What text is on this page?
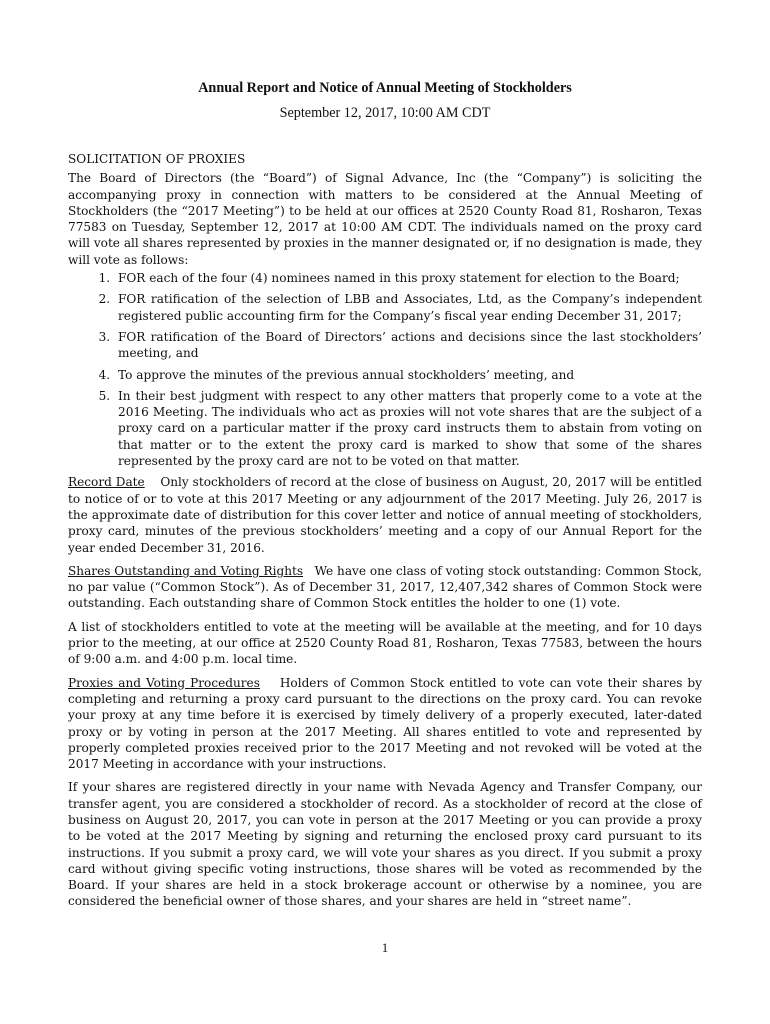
Annual Report and Notice of Annual Meeting of Stockholders
September 12, 2017, 10:00 AM CDT
SOLICITATION OF PROXIES

The Board of Directors (the “Board”) of Signal Advance, Inc (the “Company”) is soliciting the accompanying proxy in connection with matters to be considered at the Annual Meeting of Stockholders (the “2017 Meeting”) to be held at our offices at 2520 County Road 81, Rosharon, Texas 77583 on Tuesday, September 12, 2017 at 10:00 AM CDT. The individuals named on the proxy card will vote all shares represented by proxies in the manner designated or, if no designation is made, they will vote as follows:

1. FOR each of the four (4) nominees named in this proxy statement for election to the Board;
2. FOR ratification of the selection of LBB and Associates, Ltd, as the Company’s independent registered public accounting firm for the Company’s fiscal year ending December 31, 2017;
3. FOR ratification of the Board of Directors’ actions and decisions since the last stockholders’ meeting, and
4. To approve the minutes of the previous annual stockholders’ meeting, and
5. In their best judgment with respect to any other matters that properly come to a vote at the 2016 Meeting. The individuals who act as proxies will not vote shares that are the subject of a proxy card on a particular matter if the proxy card instructs them to abstain from voting on that matter or to the extent the proxy card is marked to show that some of the shares represented by the proxy card are not to be voted on that matter.

Record Date Only stockholders of record at the close of business on August, 20, 2017 will be entitled to notice of or to vote at this 2017 Meeting or any adjournment of the 2017 Meeting. July 26, 2017 is the approximate date of distribution for this cover letter and notice of annual meeting of stockholders, proxy card, minutes of the previous stockholders’ meeting and a copy of our Annual Report for the year ended December 31, 2016.

Shares Outstanding and Voting Rights We have one class of voting stock outstanding: Common Stock, no par value (“Common Stock”). As of December 31, 2017, 12,407,342 shares of Common Stock were outstanding. Each outstanding share of Common Stock entitles the holder to one (1) vote.

A list of stockholders entitled to vote at the meeting will be available at the meeting, and for 10 days prior to the meeting, at our office at 2520 County Road 81, Rosharon, Texas 77583, between the hours of 9:00 a.m. and 4:00 p.m. local time.

Proxies and Voting Procedures Holders of Common Stock entitled to vote can vote their shares by completing and returning a proxy card pursuant to the directions on the proxy card. You can revoke your proxy at any time before it is exercised by timely delivery of a properly executed, later-dated proxy or by voting in person at the 2017 Meeting. All shares entitled to vote and represented by properly completed proxies received prior to the 2017 Meeting and not revoked will be voted at the 2017 Meeting in accordance with your instructions.

If your shares are registered directly in your name with Nevada Agency and Transfer Company, our transfer agent, you are considered a stockholder of record. As a stockholder of record at the close of business on August 20, 2017, you can vote in person at the 2017 Meeting or you can provide a proxy to be voted at the 2017 Meeting by signing and returning the enclosed proxy card pursuant to its instructions. If you submit a proxy card, we will vote your shares as you direct. If you submit a proxy card without giving specific voting instructions, those shares will be voted as recommended by the Board. If your shares are held in a stock brokerage account or otherwise by a nominee, you are considered the beneficial owner of those shares, and your shares are held in “street name”.

1
